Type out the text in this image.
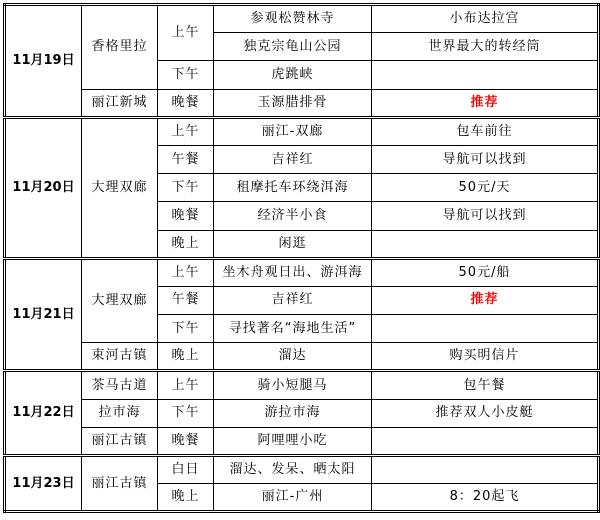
11月19日	香格里拉	上午	参观松赞林寺	小布达拉宫
			独克宗龟山公园	世界最大的转经筒
		下午	虎跳峡	
	丽江新城	晚餐	玉源腊排骨	推荐
11月20日	大理双廊	上午	丽江-双廊	包车前往
		午餐	吉祥红	导航可以找到
		下午	租摩托车环绕洱海	50元/天
		晚餐	经济半小食	导航可以找到
		晚上	闲逛	
11月21日	大理双廊	上午	坐木舟观日出、游洱海	50元/船
		午餐	吉祥红	推荐
		下午	寻找著名“海地生活”	
	束河古镇	晚上	溜达	购买明信片
11月22日	茶马古道	上午	骑小短腿马	包午餐
	拉市海	下午	游拉市海	推荐双人小皮艇
	丽江古镇	晚餐	阿哩哩小吃	
11月23日	丽江古镇	白日	溜达、发呆、晒太阳	
		晚上	丽江-广州	8：20起飞
